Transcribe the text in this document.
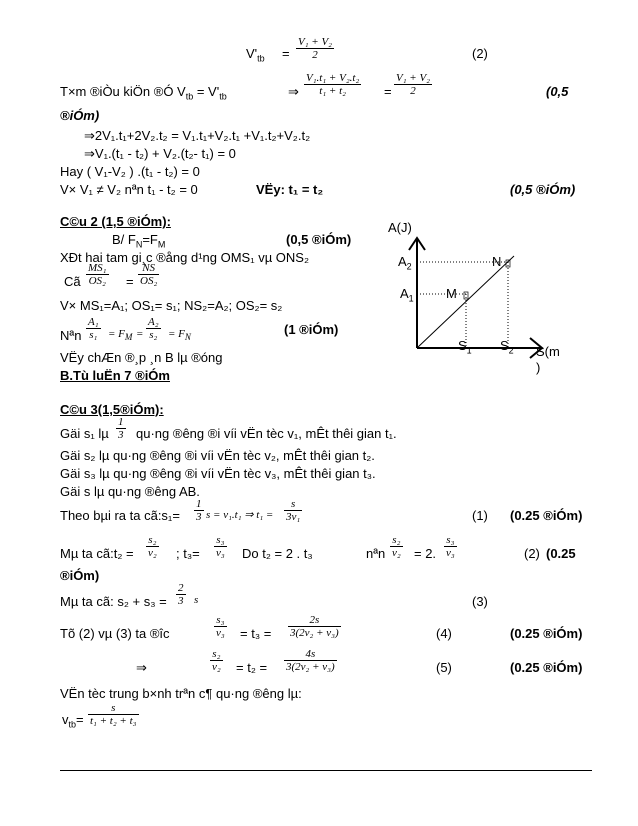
$V'_{tb}$ =
V₁ + V₂
2	(2)
T×m ®iÒu kiÖn ®Ó $V_{tb} = V'_{tb}$	⇒
V₁.t₁ + V₂.t₂
t₁ + t₂	=
V₁ + V₂
2	(0,5
®iÓm)
⇒2V₁.t₁+2V₂.t₂ = V₁.t₁+V₂.t₁ +V₁.t₂+V₂.t₂
⇒V₁.(t₁ - t₂) + V₂.(t₂- t₁) = 0
Hay ( V₁-V₂ ) .(t₁ - t₂) = 0
V× V₁ ≠ V₂ nªn t₁ - t₂ = 0	VËy: t₁ = t₂	(0,5 ®iÓm)
C©u 2 (1,5 ®iÓm):
B/ $F_N=F_M$	(0,5 ®iÓm)
XÐt hai tam gi¸c ®ång d¹ng OMS₁ vµ ONS₂
Cã
MS₁
OS₂ =
NS
OS₂
V× MS₁=A₁; OS₁= s₁; NS₂=A₂; OS₂= s₂
Nªn
A₁
$s_1 = F_M$ =
A₂
$s_2 = F_N$
(1 ®iÓm)
VËy chÆn ®¸p ¸n B lµ ®óng
B.Tù luËn 7 ®iÓm
A(J)
$A_2$	N
$A_1$ M
$S_1$ $S_2$ S(m
)
C©u 3(1,5®iÓm):
Gäi s₁ lµ
1
3 qu·ng ®êng ®i víi vËn tèc v₁, mÊt thêi gian t₁.
Gäi s₂ lµ qu·ng ®êng ®i víi vËn tèc v₂, mÊt thêi gian t₂.
Gäi s₃ lµ qu·ng ®êng ®i víi vËn tèc v₃, mÊt thêi gian t₃.
Gäi s lµ qu·ng ®êng AB.
Theo bµi ra ta cã:s₁=
1
3 s = v₁.t₁ ⇒ t₁ =
s
3v₁	(1) (0.25 ®iÓm)
Mµ ta cã:t₂ =
s₂
v₂ ; t₃=
s₃
v₃ Do t₂ = 2 . t₃	nªn
s₂
v₂ = 2.
s₃
v₃	(2) (0.25
®iÓm)
Mµ ta cã: s₂ + s₃ =
2
3 s	(3)
Tõ (2) vµ (3) ta ®îc
s₃
v₃ = t₃ =
2s
3(2v₂ + v₃)	(4)	(0.25 ®iÓm)
⇒
s₂
v₂ = t₂ =
4s
3(2v₂ + v₃)	(5)	(0.25 ®iÓm)
VËn tèc trung b×nh trªn c¶ qu·ng ®êng lµ:
$v_{tb}=$
s
t₁ + t₂ + t₃
